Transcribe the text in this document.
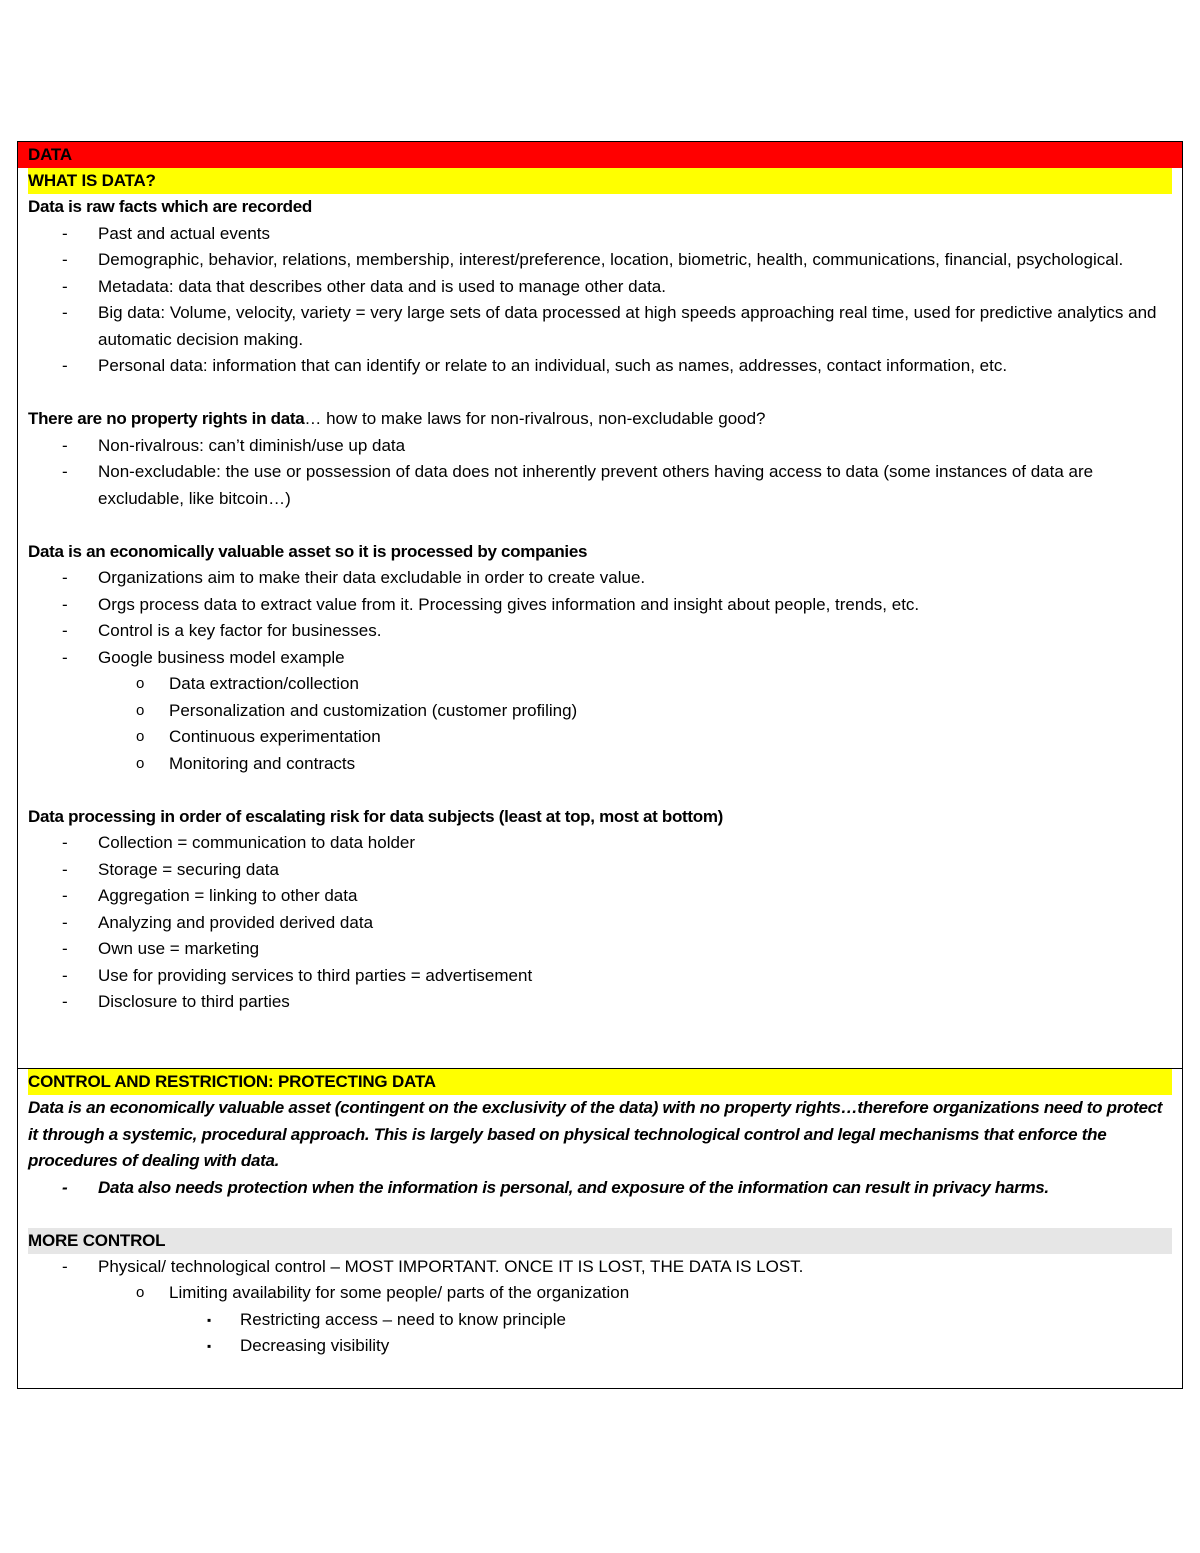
DATA
WHAT IS DATA?

Data is raw facts which are recorded

-	Past and actual events
-	Demographic, behavior, relations, membership, interest/preference, location, biometric, health, communications, financial, psychological.
-	Metadata: data that describes other data and is used to manage other data.
-	Big data: Volume, velocity, variety = very large sets of data processed at high speeds approaching real time, used for predictive analytics and automatic decision making.
-	Personal data: information that can identify or relate to an individual, such as names, addresses, contact information, etc.

There are no property rights in data… how to make laws for non-rivalrous, non-excludable good?

-	Non-rivalrous: can’t diminish/use up data
-	Non-excludable: the use or possession of data does not inherently prevent others having access to data (some instances of data are excludable, like bitcoin…)

Data is an economically valuable asset so it is processed by companies

-	Organizations aim to make their data excludable in order to create value.
-	Orgs process data to extract value from it. Processing gives information and insight about people, trends, etc.
-	Control is a key factor for businesses.
-	Google business model example
o	Data extraction/collection
o	Personalization and customization (customer profiling)
o	Continuous experimentation
o	Monitoring and contracts

Data processing in order of escalating risk for data subjects (least at top, most at bottom)

-	Collection = communication to data holder
-	Storage = securing data
-	Aggregation = linking to other data
-	Analyzing and provided derived data
-	Own use = marketing
-	Use for providing services to third parties = advertisement
-	Disclosure to third parties

CONTROL AND RESTRICTION: PROTECTING DATA

Data is an economically valuable asset (contingent on the exclusivity of the data) with no property rights…therefore organizations need to protect it through a systemic, procedural approach. This is largely based on physical technological control and legal mechanisms that enforce the procedures of dealing with data.

-	Data also needs protection when the information is personal, and exposure of the information can result in privacy harms.
MORE CONTROL
-	Physical/ technological control – MOST IMPORTANT. ONCE IT IS LOST, THE DATA IS LOST.
o	Limiting availability for some people/ parts of the organization
▪	Restricting access – need to know principle
▪	Decreasing visibility
